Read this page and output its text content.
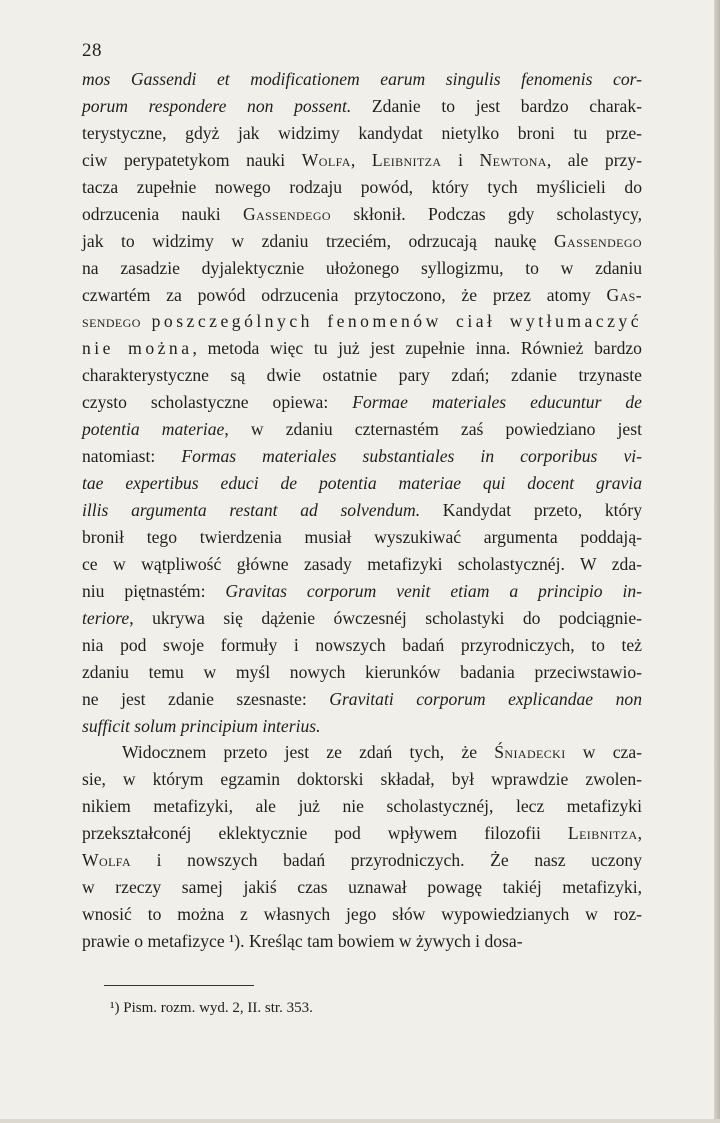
28
mos Gassendi et modificationem earum singulis fenomenis cor-
porum respondere non possent. Zdanie to jest bardzo charak-
terystyczne, gdyż jak widzimy kandydat nietylko broni tu prze-
ciw perypatetykom nauki Wolfa, Leibnitza i Newtona, ale przy-
tacza zupełnie nowego rodzaju powód, który tych myślicieli do
odrzucenia nauki Gassendego skłonił. Podczas gdy scholastycy,
jak to widzimy w zdaniu trzeciém, odrzucają naukę Gassendego
na zasadzie dyjalektycznie ułożonego syllogizmu, to w zdaniu
czwartém za powód odrzucenia przytoczono, że przez atomy Gas-
sendego poszczególnych fenomenów ciał wytłumaczyć
nie można, metoda więc tu już jest zupełnie inna. Również bardzo
charakterystyczne są dwie ostatnie pary zdań; zdanie trzynaste
czysto scholastyczne opiewa: Formae materiales educuntur de
potentia materiae, w zdaniu czternastém zaś powiedziano jest
natomiast: Formas materiales substantiales in corporibus vi-
tae expertibus educi de potentia materiae qui docent gravia
illis argumenta restant ad solvendum. Kandydat przeto, który
bronił tego twierdzenia musiał wyszukiwać argumenta poddają-
ce w wątpliwość główne zasady metafizyki scholastycznéj. W zda-
niu piętnastém: Gravitas corporum venit etiam a principio in-
teriore, ukrywa się dążenie ówczesnéj scholastyki do podciągnie-
nia pod swoje formuły i nowszych badań przyrodniczych, to też
zdaniu temu w myśl nowych kierunków badania przeciwstawio-
ne jest zdanie szesnaste: Gravitati corporum explicandae non
sufficit solum principium interius.
Widocznem przeto jest ze zdań tych, że Śniadecki w cza-
sie, w którym egzamin doktorski składał, był wprawdzie zwolen-
nikiem metafizyki, ale już nie scholastycznéj, lecz metafizyki
przekształconéj eklektycznie pod wpływem filozofii Leibnitza,
Wolfa i nowszych badań przyrodniczych. Że nasz uczony
w rzeczy samej jakiś czas uznawał powagę takiéj metafizyki,
wnosić to można z własnych jego słów wypowiedzianych w roz-
prawie o metafizyce ¹). Kreśląc tam bowiem w żywych i dosa-
¹) Pism. rozm. wyd. 2, II. str. 353.
